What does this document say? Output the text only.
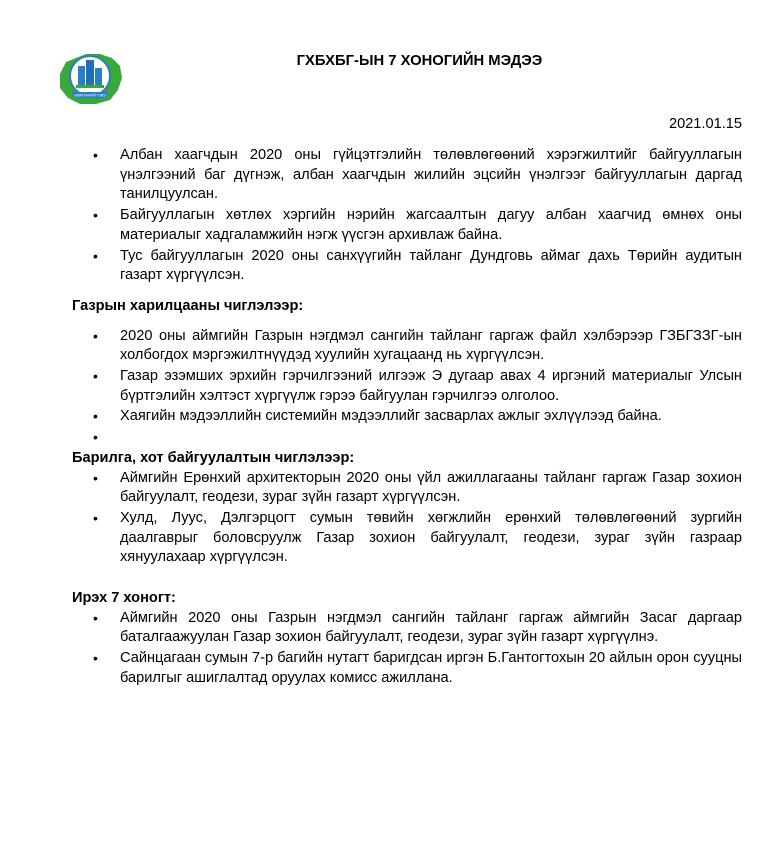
ӨВӨРХАНГАЙ ГЭМЭ
ГХБХБГ-ЫН 7 ХОНОГИЙН МЭДЭЭ
2021.01.15
• Албан хаагчдын 2020 оны гүйцэтгэлийн төлөвлөгөөний хэрэгжилтийг байгууллагын үнэлгээний баг дүгнэж, албан хаагчдын жилийн эцсийн үнэлгээг байгууллагын даргад танилцуулсан.
• Байгууллагын хөтлөх хэргийн нэрийн жагсаалтын дагуу албан хаагчид өмнөх оны материалыг хадгаламжийн нэгж үүсгэн архивлаж байна.
• Тус байгууллагын 2020 оны санхүүгийн тайланг Дундговь аймаг дахь Төрийн аудитын газарт хүргүүлсэн.
Газрын харилцааны чиглэлээр:
• 2020 оны аймгийн Газрын нэгдмэл сангийн тайланг гаргаж файл хэлбэрээр ГЗБГЗЗГ-ын холбогдох мэргэжилтнүүдэд хуулийн хугацаанд нь хүргүүлсэн.
• Газар эзэмших эрхийн гэрчилгээний илгээж Э дугаар авах 4 иргэний материалыг Улсын бүртгэлийн хэлтэст хүргүүлж гэрээ байгуулан гэрчилгээ олголоо.
• Хаягийн мэдээллийн системийн мэдээллийг засварлах ажлыг эхлүүлээд байна.
•
Барилга, хот байгуулалтын чиглэлээр:
• Аймгийн Ерөнхий архитекторын 2020 оны үйл ажиллагааны тайланг гаргаж Газар зохион байгуулалт, геодези, зураг зүйн газарт хүргүүлсэн.
• Хулд, Луус, Дэлгэрцогт сумын төвийн хөгжлийн ерөнхий төлөвлөгөөний зургийн даалгаврыг боловсруулж Газар зохион байгуулалт, геодези, зураг зүйн газраар хянуулахаар хүргүүлсэн.
Ирэх 7 хоногт:
• Аймгийн 2020 оны Газрын нэгдмэл сангийн тайланг гаргаж аймгийн Засаг даргаар баталгаажуулан Газар зохион байгуулалт, геодези, зураг зүйн газарт хүргүүлнэ.
• Сайнцагаан сумын 7-р багийн нутагт баригдсан иргэн Б.Гантогтохын 20 айлын орон сууцны барилгыг ашиглалтад оруулах комисс ажиллана.
